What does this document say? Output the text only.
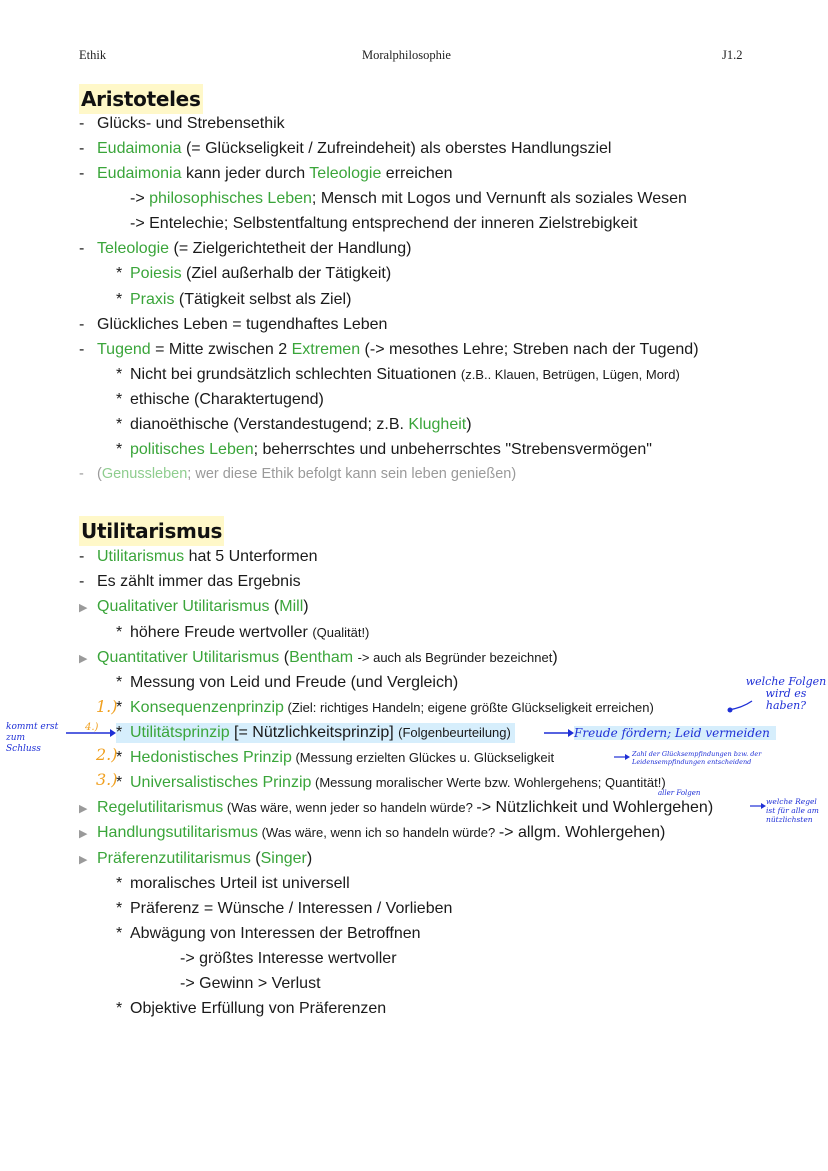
Ethik	Moralphilosophie	J1.2
Aristoteles
- Glücks- und Strebensethik
- Eudaimonia (= Glückseligkeit / Zufreindeheit) als oberstes Handlungsziel
- Eudaimonia kann jeder durch Teleologie erreichen
-> philosophisches Leben; Mensch mit Logos und Vernunft als soziales Wesen
-> Entelechie; Selbstentfaltung entsprechend der inneren Zielstrebigkeit
- Teleologie (= Zielgerichtetheit der Handlung)
* Poiesis (Ziel außerhalb der Tätigkeit)
* Praxis (Tätigkeit selbst als Ziel)
- Glückliches Leben = tugendhaftes Leben
- Tugend = Mitte zwischen 2 Extremen (-> mesothes Lehre; Streben nach der Tugend)
* Nicht bei grundsätzlich schlechten Situationen (z.B.. Klauen, Betrügen, Lügen, Mord)
* ethische (Charaktertugend)
* dianoëthische (Verstandestugend; z.B. Klugheit)
* politisches Leben; beherrschtes und unbeherrschtes "Strebensvermögen"
- (Genussleben; wer diese Ethik befolgt kann sein leben genießen)
Utilitarismus
- Utilitarismus hat 5 Unterformen
- Es zählt immer das Ergebnis
▶ Qualitativer Utilitarismus (Mill)
* höhere Freude wertvoller (Qualität!)
▶ Quantitativer Utilitarismus (Bentham -> auch als Begründer bezeichnet)
* Messung von Leid und Freude (und Vergleich)
* Konsequenzenprinzip (Ziel: richtiges Handeln; eigene größte Glückseligkeit erreichen)
* Utilitätsprinzip [= Nützlichkeitsprinzip] (Folgenbeurteilung)
* Hedonistisches Prinzip (Messung erzielten Glückes u. Glückseligkeit
* Universalistisches Prinzip (Messung moralischer Werte bzw. Wohlergehens; Quantität!)
▶ Regelutilitarismus (Was wäre, wenn jeder so handeln würde? -> Nützlichkeit und Wohlergehen)
▶ Handlungsutilitarismus (Was wäre, wenn ich so handeln würde? -> allgm. Wohlergehen)
▶ Präferenzutilitarismus (Singer)
* moralisches Urteil ist universell
* Präferenz = Wünsche / Interessen / Vorlieben
* Abwägung von Interessen der Betroffnen
-> größtes Interesse wertvoller
-> Gewinn > Verlust
* Objektive Erfüllung von Präferenzen
1.)
4.)
2.)
3.)
kommt erst zum Schluss
Freude fördern; Leid vermeiden
welche Folgen wird es haben?
Zahl der Glücksempfindungen bzw. der Leidensempfindungen entscheidend
aller Folgen
welche Regel ist für alle am nützlichsten
